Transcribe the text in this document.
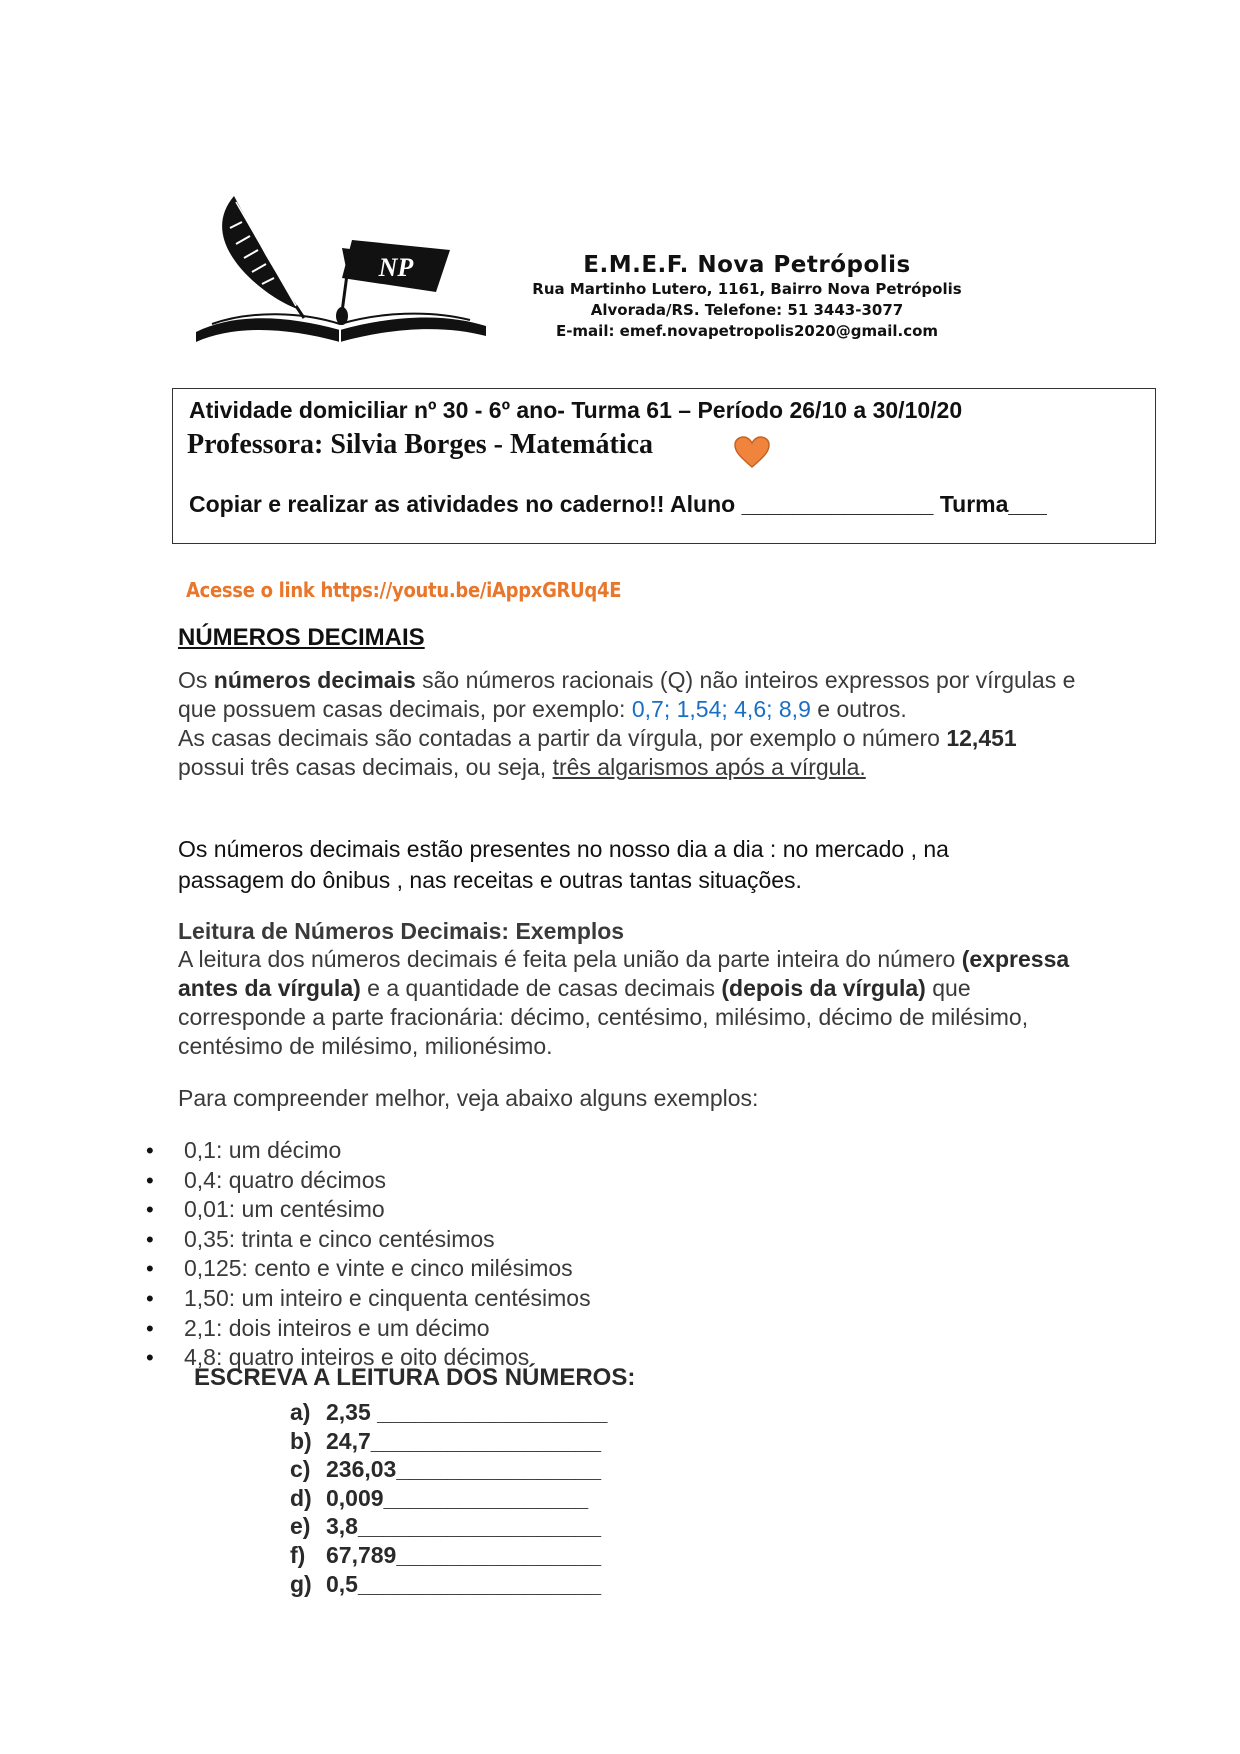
NP	E.M.E.F. Nova Petrópolis
Rua Martinho Lutero, 1161, Bairro Nova Petrópolis
Alvorada/RS. Telefone: 51 3443-3077
E-mail: emef.novapetropolis2020@gmail.com
Atividade domiciliar nº 30 - 6º ano- Turma 61 – Período 26/10 a 30/10/20
Professora: Silvia Borges - Matemática
Copiar e realizar as atividades no caderno!! Aluno _______________ Turma___
Acesse o link https://youtu.be/iAppxGRUq4E
NÚMEROS DECIMAIS
Os números decimais são números racionais (Q) não inteiros expressos por vírgulas e que possuem casas decimais, por exemplo: 0,7; 1,54; 4,6; 8,9 e outros.
As casas decimais são contadas a partir da vírgula, por exemplo o número 12,451 possui três casas decimais, ou seja, três algarismos após a vírgula.
Os números decimais estão presentes no nosso dia a dia : no mercado , na passagem do ônibus , nas receitas e outras tantas situações.
Leitura de Números Decimais: Exemplos
A leitura dos números decimais é feita pela união da parte inteira do número (expressa antes da vírgula) e a quantidade de casas decimais (depois da vírgula) que corresponde a parte fracionária: décimo, centésimo, milésimo, décimo de milésimo, centésimo de milésimo, milionésimo.
Para compreender melhor, veja abaixo alguns exemplos:
• 0,1: um décimo
• 0,4: quatro décimos
• 0,01: um centésimo
• 0,35: trinta e cinco centésimos
• 0,125: cento e vinte e cinco milésimos
• 1,50: um inteiro e cinquenta centésimos
• 2,1: dois inteiros e um décimo
• 4,8: quatro inteiros e oito décimos
ESCREVA A LEITURA DOS NÚMEROS:
a) 2,35 __________________
b) 24,7__________________
c) 236,03________________
d) 0,009________________
e) 3,8___________________
f) 67,789________________
g) 0,5___________________
